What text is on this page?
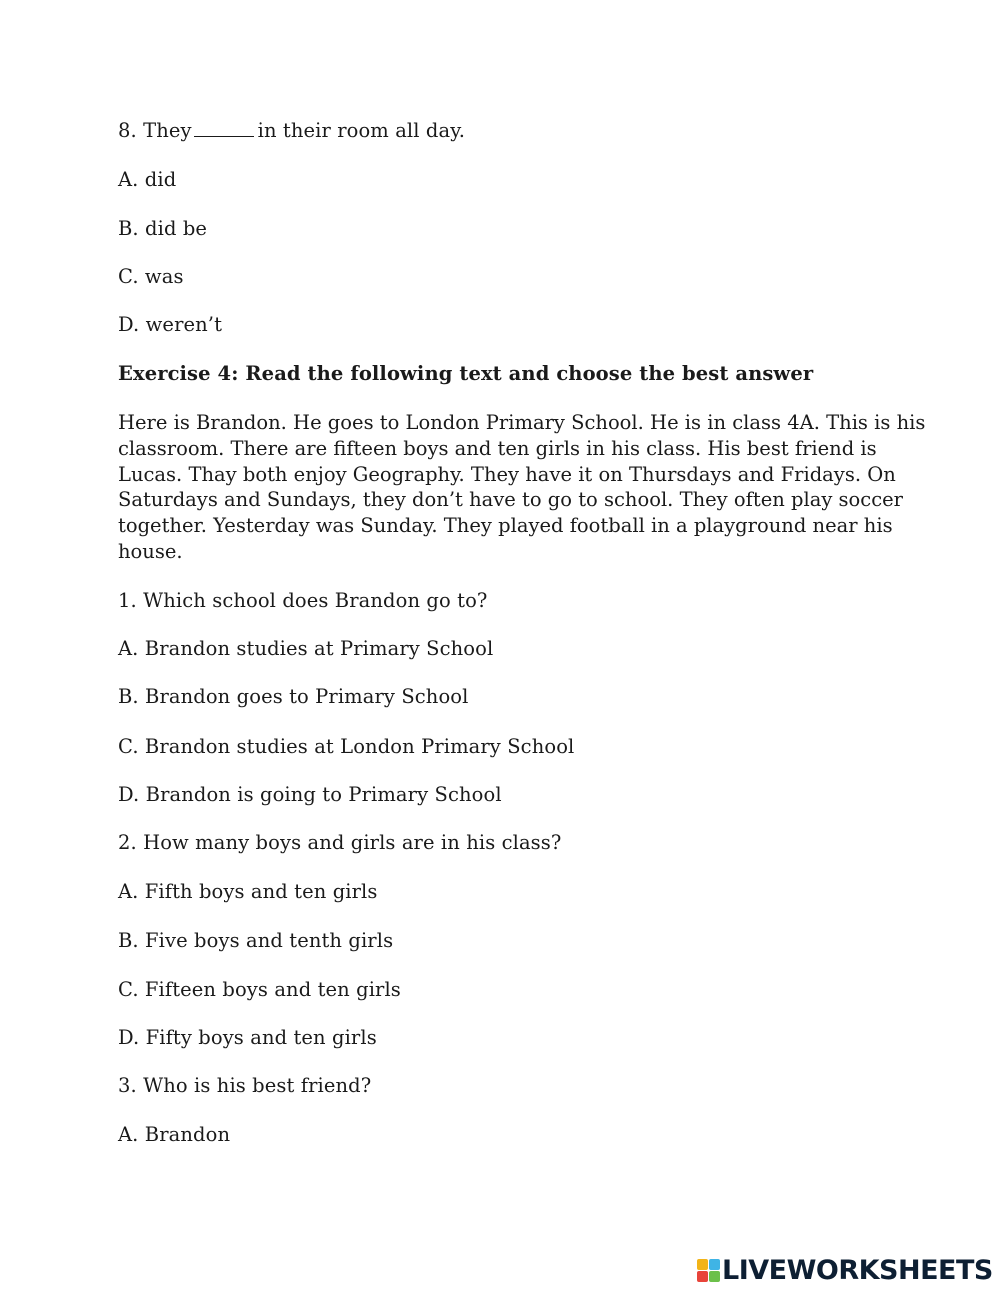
8. They	in their room all day.
A. did
B. did be
C. was
D. weren’t
Exercise 4: Read the following text and choose the best answer
Here is Brandon. He goes to London Primary School. He is in class 4A. This is his
classroom. There are fifteen boys and ten girls in his class. His best friend is
Lucas. Thay both enjoy Geography. They have it on Thursdays and Fridays. On
Saturdays and Sundays, they don’t have to go to school. They often play soccer
together. Yesterday was Sunday. They played football in a playground near his
house.
1. Which school does Brandon go to?
A. Brandon studies at Primary School
B. Brandon goes to Primary School
C. Brandon studies at London Primary School
D. Brandon is going to Primary School
2. How many boys and girls are in his class?
A. Fifth boys and ten girls
B. Five boys and tenth girls
C. Fifteen boys and ten girls
D. Fifty boys and ten girls
3. Who is his best friend?
A. Brandon
LIVEWORKSHEETS
